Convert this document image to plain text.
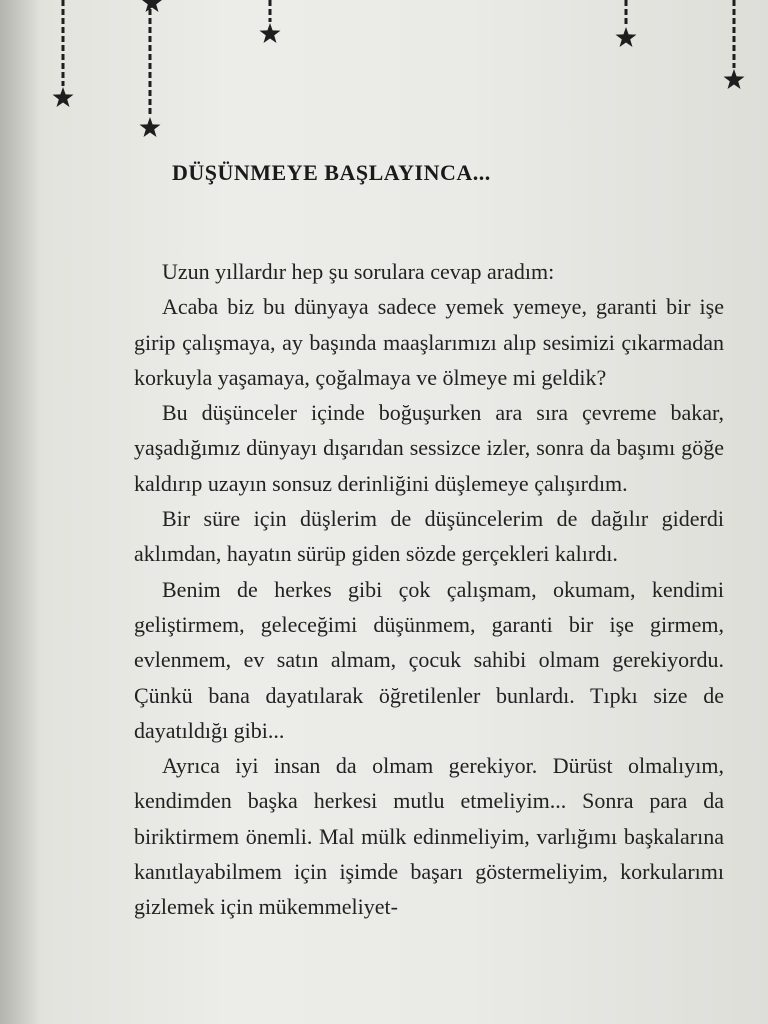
DÜŞÜNMEYE BAŞLAYINCA...

Uzun yıllardır hep şu sorulara cevap aradım:

Acaba biz bu dünyaya sadece yemek yemeye, garanti bir işe girip çalışmaya, ay başında maaşlarımızı alıp sesimizi çıkarmadan korkuyla yaşamaya, çoğalmaya ve ölmeye mi geldik?

Bu düşünceler içinde boğuşurken ara sıra çevreme bakar, yaşadığımız dünyayı dışarıdan sessizce izler, sonra da başımı göğe kaldırıp uzayın sonsuz derinliğini düşlemeye çalışırdım.

Bir süre için düşlerim de düşüncelerim de dağılır giderdi aklımdan, hayatın sürüp giden sözde gerçekleri kalırdı.

Benim de herkes gibi çok çalışmam, okumam, kendimi geliştirmem, geleceğimi düşünmem, garanti bir işe girmem, evlenmem, ev satın almam, çocuk sahibi olmam gerekiyordu. Çünkü bana dayatılarak öğretilenler bunlardı. Tıpkı size de dayatıldığı gibi...

Ayrıca iyi insan da olmam gerekiyor. Dürüst olmalıyım, kendimden başka herkesi mutlu etmeliyim... Sonra para da biriktirmem önemli. Mal mülk edinmeliyim, varlığımı başkalarına kanıtlayabilmem için işimde başarı göstermeliyim, korkularımı gizlemek için mükemmeliyet-
